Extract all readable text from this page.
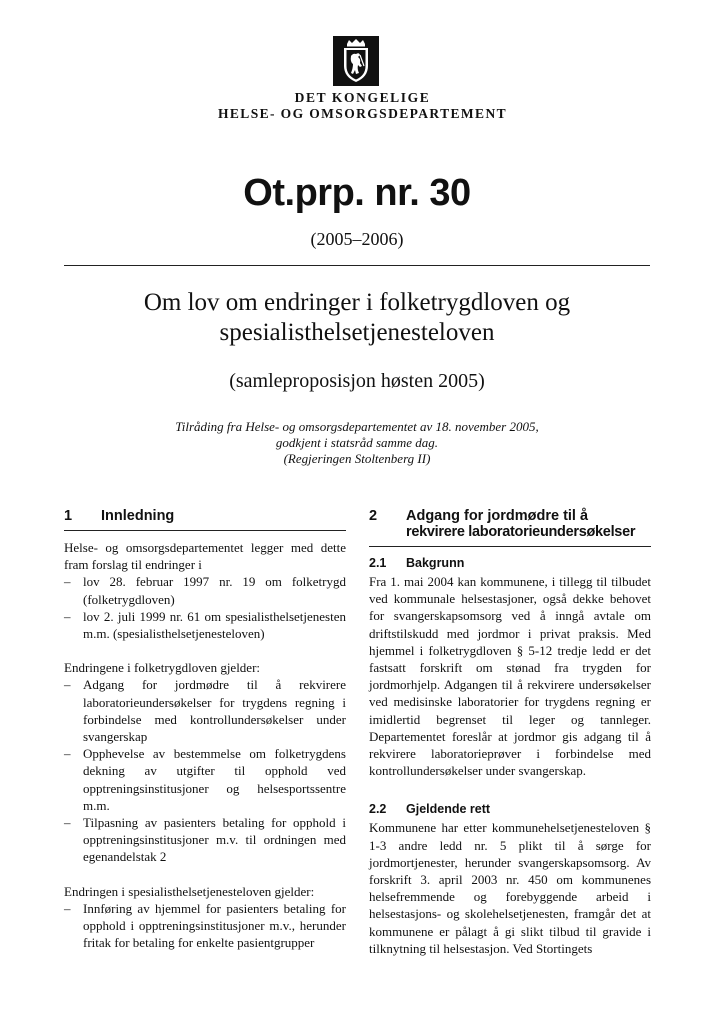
DET KONGELIGE
HELSE- OG OMSORGSDEPARTEMENT
Ot.prp. nr. 30
(2005–2006)
Om lov om endringer i folketrygdloven og spesialisthelsetjenesteloven
(samleproposisjon høsten 2005)
Tilråding fra Helse- og omsorgsdepartementet av 18. november 2005,
godkjent i statsråd samme dag.
(Regjeringen Stoltenberg II)
1	Innledning

Helse- og omsorgsdepartementet legger med dette fram forslag til endringer i

– lov 28. februar 1997 nr. 19 om folketrygd (folketrygdloven)
– lov 2. juli 1999 nr. 61 om spesialisthelsetjenesten m.m. (spesialisthelsetjenesteloven)

Endringene i folketrygdloven gjelder:

– Adgang for jordmødre til å rekvirere laboratorieundersøkelser for trygdens regning i forbindelse med kontrollundersøkelser under svangerskap
– Opphevelse av bestemmelse om folketrygdens dekning av utgifter til opphold ved opptreningsinstitusjoner og helsesportssentre m.m.
– Tilpasning av pasienters betaling for opphold i opptreningsinstitusjoner m.v. til ordningen med egenandelstak 2

Endringen i spesialisthelsetjenesteloven gjelder:

– Innføring av hjemmel for pasienters betaling for opphold i opptreningsinstitusjoner m.v., herunder fritak for betaling for enkelte pasientgrupper
2	Adgang for jordmødre til å
rekvirere laboratorieundersøkelser
2.1	Bakgrunn

Fra 1. mai 2004 kan kommunene, i tillegg til tilbudet ved kommunale helsestasjoner, også dekke behovet for svangerskapsomsorg ved å inngå avtale om driftstilskudd med jordmor i privat praksis. Med hjemmel i folketrygdloven § 5-12 tredje ledd er det fastsatt forskrift om stønad fra trygden for jordmorhjelp. Adgangen til å rekvirere undersøkelser ved medisinske laboratorier for trygdens regning er imidlertid begrenset til leger og tannleger. Departementet foreslår at jordmor gis adgang til å rekvirere laboratorieprøver i forbindelse med kontrollundersøkelser under svangerskap.

2.2	Gjeldende rett

Kommunene har etter kommunehelsetjenesteloven § 1-3 andre ledd nr. 5 plikt til å sørge for jordmortjenester, herunder svangerskapsomsorg. Av forskrift 3. april 2003 nr. 450 om kommunenes helsefremmende og forebyggende arbeid i helsestasjons- og skolehelsetjenesten, framgår det at kommunene er pålagt å gi slikt tilbud til gravide i tilknytning til helsestasjon. Ved Stortingets
